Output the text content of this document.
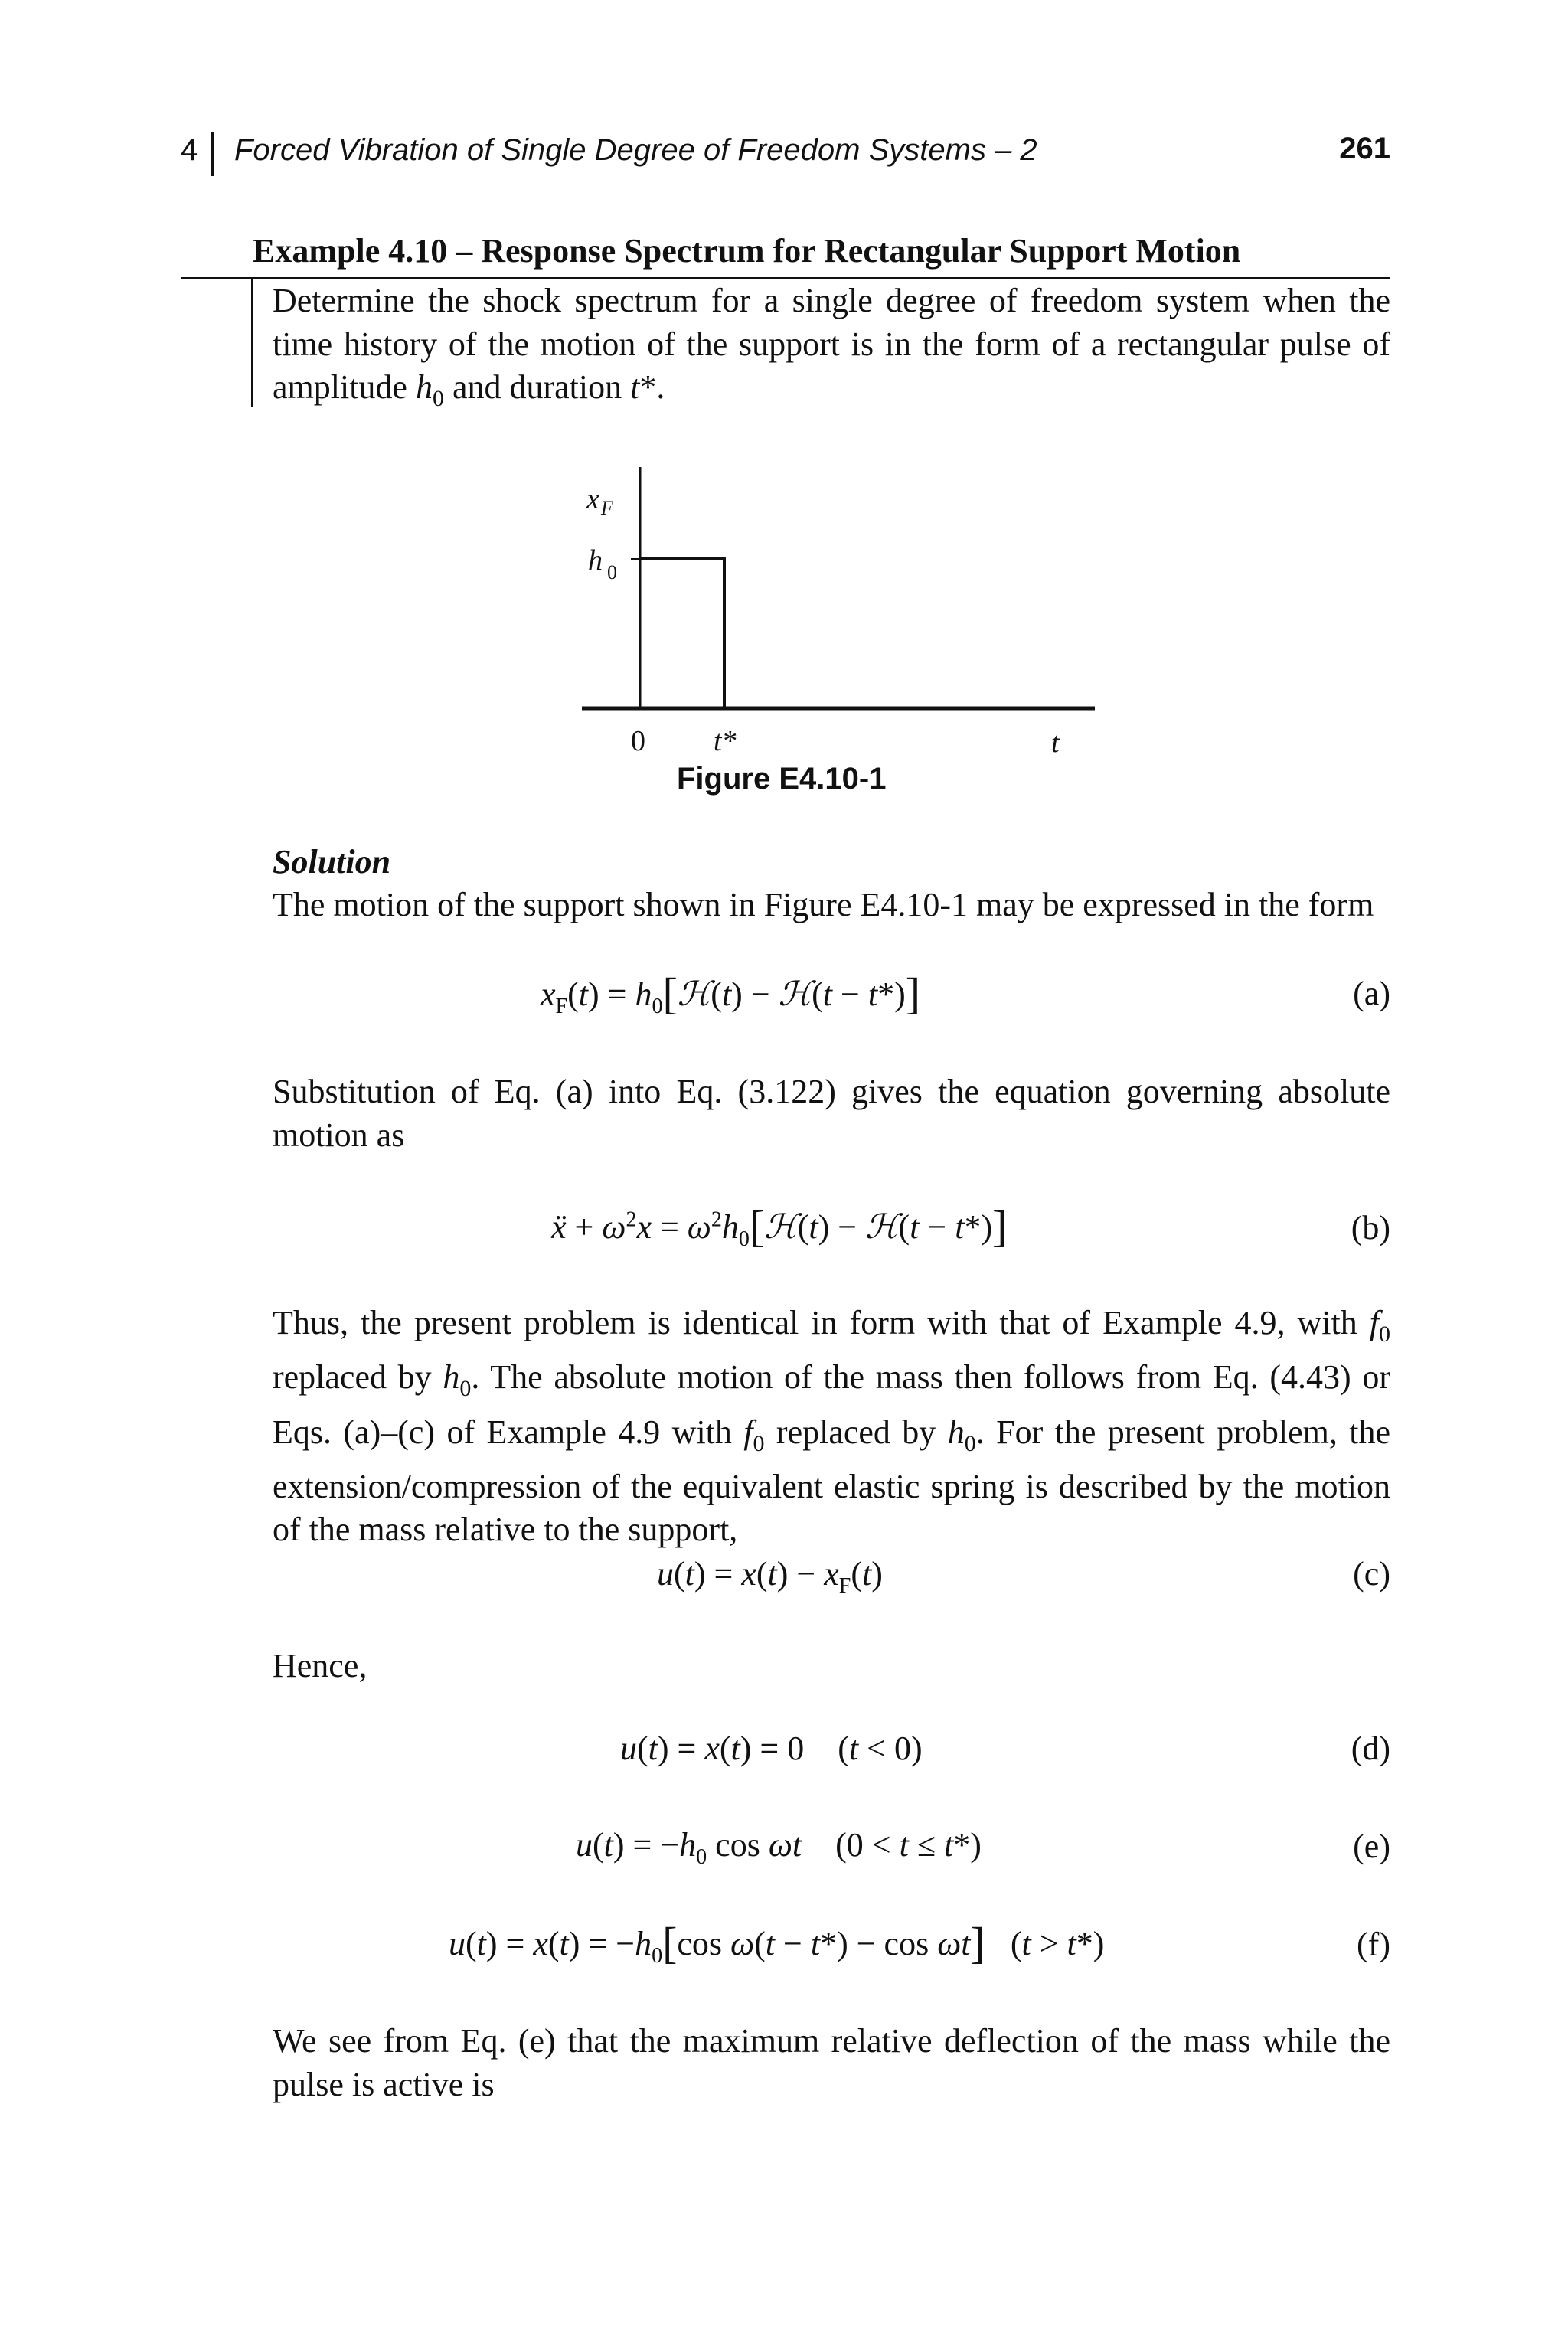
4 Forced Vibration of Single Degree of Freedom Systems – 2	261
Example 4.10 – Response Spectrum for Rectangular Support Motion
Determine the shock spectrum for a single degree of freedom system when the time history of the motion of the support is in the form of a rectangular pulse of amplitude $h_0$ and duration t*.
$x_F$
h $_0$
0 t*	t
Figure E4.10-1
Solution
The motion of the support shown in Figure E4.10-1 may be expressed in the form
$x_F(t)$ = $h_0[ℋ(t)$ − ℋ(t − t*)]	(a)
Substitution of Eq. (a) into Eq. (3.122) gives the equation governing absolute motion as
ẍ + $\omega^2x$ = $\omega^2h_0[ℋ(t)$ − ℋ(t − t*)]	(b)
Thus, the present problem is identical in form with that of Example 4.9, with $f_0$ replaced by $h_0$. The absolute motion of the mass then follows from Eq. (4.43) or Eqs. (a)–(c) of Example 4.9 with $f_0$ replaced by $h_0$. For the present problem, the extension/compression of the equivalent elastic spring is described by the motion of the mass relative to the support,
$u(t) = x(t) - x_F(t)$	(c)
Hence,
u(t) = x(t) = 0    (t < 0)	(d)
$u(t) = -h_0$ cos ωt    (0 < t ≤ t*)	(e)
$u(t) = x(t) = -h_0[\cos$ ω(t − t*) − cos ωt]   (t > t*)	(f)
We see from Eq. (e) that the maximum relative deflection of the mass while the pulse is active is
